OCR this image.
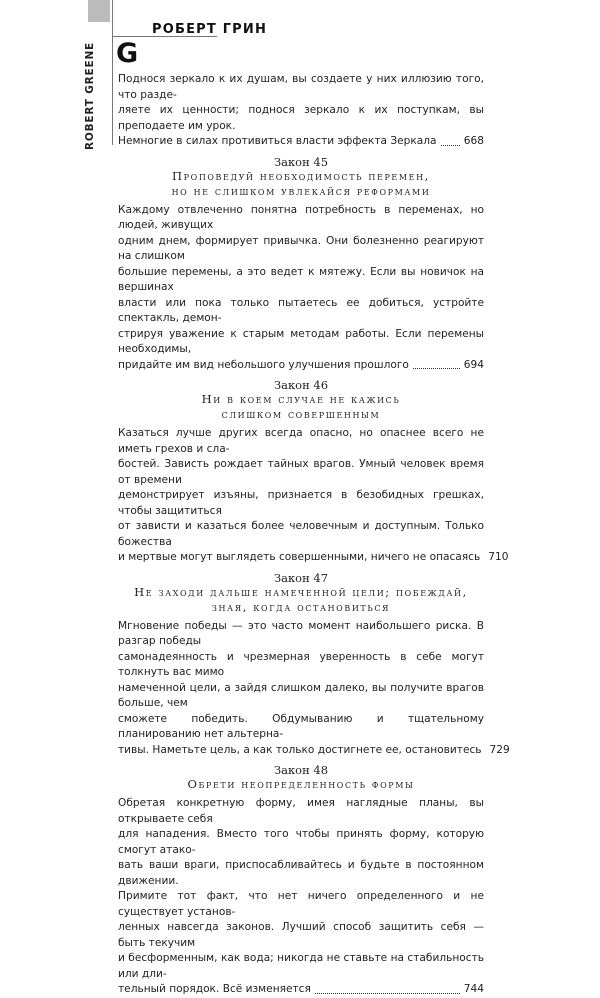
ROBERT GREENE
РОБЕРТ ГРИН
G
Поднося зеркало к их душам, вы создаете у них иллюзию того, что разде-
ляете их ценности; поднося зеркало к их поступкам, вы преподаете им урок.
Немногие в силах противиться власти эффекта Зеркала	668
Закон 45
Проповедуй необходимость перемен,
но не слишком увлекайся реформами
Каждому отвлеченно понятна потребность в переменах, но людей, живущих
одним днем, формирует привычка. Они болезненно реагируют на слишком
большие перемены, а это ведет к мятежу. Если вы новичок на вершинах
власти или пока только пытаетесь ее добиться, устройте спектакль, демон-
стрируя уважение к старым методам работы. Если перемены необходимы,
придайте им вид небольшого улучшения прошлого	694
Закон 46
Ни в коем случае не кажись
слишком совершенным
Казаться лучше других всегда опасно, но опаснее всего не иметь грехов и сла-
бостей. Зависть рождает тайных врагов. Умный человек время от времени
демонстрирует изъяны, признается в безобидных грешках, чтобы защититься
от зависти и казаться более человечным и доступным. Только божества
и мертвые могут выглядеть совершенными, ничего не опасаясь 710
Закон 47
Не заходи дальше намеченной цели; побеждай,
зная, когда остановиться
Мгновение победы — это часто момент наибольшего риска. В разгар победы
самонадеянность и чрезмерная уверенность в себе могут толкнуть вас мимо
намеченной цели, а зайдя слишком далеко, вы получите врагов больше, чем
сможете победить. Обдумыванию и тщательному планированию нет альтерна-
тивы. Наметьте цель, а как только достигнете ее, остановитесь 729
Закон 48
Обрети неопределенность формы
Обретая конкретную форму, имея наглядные планы, вы открываете себя
для нападения. Вместо того чтобы принять форму, которую смогут атако-
вать ваши враги, приспосабливайтесь и будьте в постоянном движении.
Примите тот факт, что нет ничего определенного и не существует установ-
ленных навсегда законов. Лучший способ защитить себя — быть текучим
и бесформенным, как вода; никогда не ставьте на стабильность или дли-
тельный порядок. Всё изменяется	744
